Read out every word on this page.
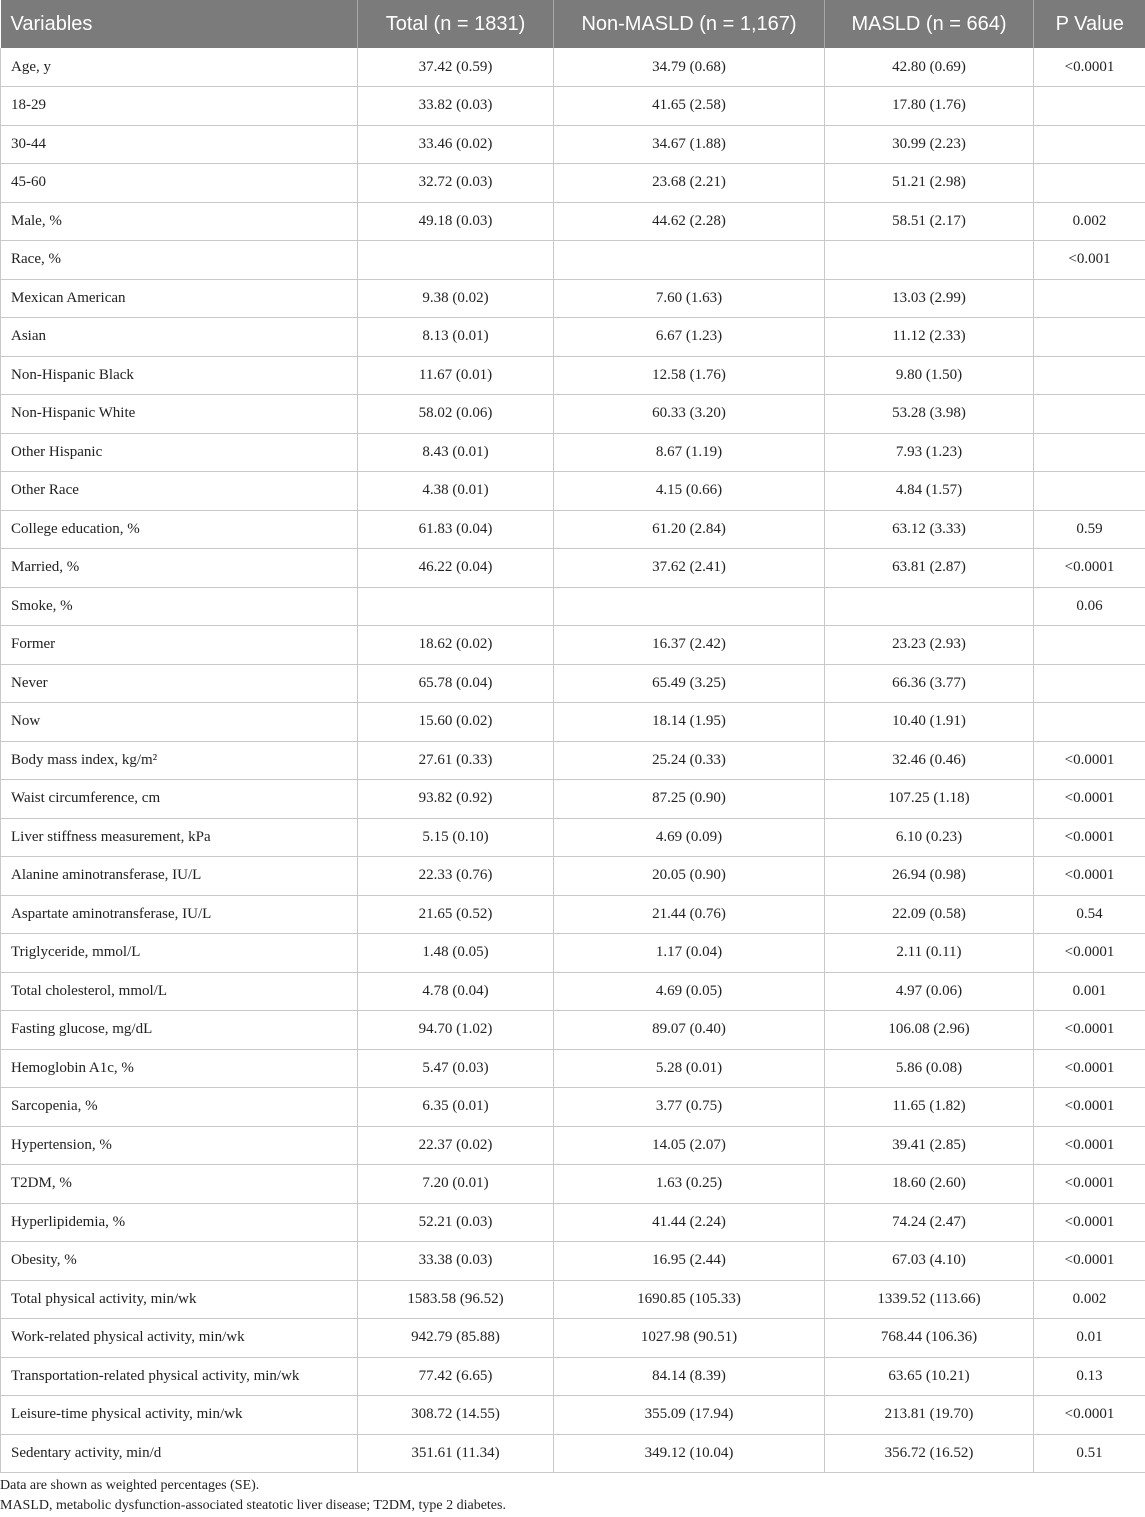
Variables	Total (n = 1831)	Non-MASLD (n = 1,167)	MASLD (n = 664)	P Value
Age, y	37.42 (0.59)	34.79 (0.68)	42.80 (0.69)	<0.0001
18-29	33.82 (0.03)	41.65 (2.58)	17.80 (1.76)	
30-44	33.46 (0.02)	34.67 (1.88)	30.99 (2.23)	
45-60	32.72 (0.03)	23.68 (2.21)	51.21 (2.98)	
Male, %	49.18 (0.03)	44.62 (2.28)	58.51 (2.17)	0.002
Race, %				<0.001
Mexican American	9.38 (0.02)	7.60 (1.63)	13.03 (2.99)	
Asian	8.13 (0.01)	6.67 (1.23)	11.12 (2.33)	
Non-Hispanic Black	11.67 (0.01)	12.58 (1.76)	9.80 (1.50)	
Non-Hispanic White	58.02 (0.06)	60.33 (3.20)	53.28 (3.98)	
Other Hispanic	8.43 (0.01)	8.67 (1.19)	7.93 (1.23)	
Other Race	4.38 (0.01)	4.15 (0.66)	4.84 (1.57)	
College education, %	61.83 (0.04)	61.20 (2.84)	63.12 (3.33)	0.59
Married, %	46.22 (0.04)	37.62 (2.41)	63.81 (2.87)	<0.0001
Smoke, %				0.06
Former	18.62 (0.02)	16.37 (2.42)	23.23 (2.93)	
Never	65.78 (0.04)	65.49 (3.25)	66.36 (3.77)	
Now	15.60 (0.02)	18.14 (1.95)	10.40 (1.91)	
Body mass index, kg/m²	27.61 (0.33)	25.24 (0.33)	32.46 (0.46)	<0.0001
Waist circumference, cm	93.82 (0.92)	87.25 (0.90)	107.25 (1.18)	<0.0001
Liver stiffness measurement, kPa	5.15 (0.10)	4.69 (0.09)	6.10 (0.23)	<0.0001
Alanine aminotransferase, IU/L	22.33 (0.76)	20.05 (0.90)	26.94 (0.98)	<0.0001
Aspartate aminotransferase, IU/L	21.65 (0.52)	21.44 (0.76)	22.09 (0.58)	0.54
Triglyceride, mmol/L	1.48 (0.05)	1.17 (0.04)	2.11 (0.11)	<0.0001
Total cholesterol, mmol/L	4.78 (0.04)	4.69 (0.05)	4.97 (0.06)	0.001
Fasting glucose, mg/dL	94.70 (1.02)	89.07 (0.40)	106.08 (2.96)	<0.0001
Hemoglobin A1c, %	5.47 (0.03)	5.28 (0.01)	5.86 (0.08)	<0.0001
Sarcopenia, %	6.35 (0.01)	3.77 (0.75)	11.65 (1.82)	<0.0001
Hypertension, %	22.37 (0.02)	14.05 (2.07)	39.41 (2.85)	<0.0001
T2DM, %	7.20 (0.01)	1.63 (0.25)	18.60 (2.60)	<0.0001
Hyperlipidemia, %	52.21 (0.03)	41.44 (2.24)	74.24 (2.47)	<0.0001
Obesity, %	33.38 (0.03)	16.95 (2.44)	67.03 (4.10)	<0.0001
Total physical activity, min/wk	1583.58 (96.52)	1690.85 (105.33)	1339.52 (113.66)	0.002
Work-related physical activity, min/wk	942.79 (85.88)	1027.98 (90.51)	768.44 (106.36)	0.01
Transportation-related physical activity, min/wk	77.42 (6.65)	84.14 (8.39)	63.65 (10.21)	0.13
Leisure-time physical activity, min/wk	308.72 (14.55)	355.09 (17.94)	213.81 (19.70)	<0.0001
Sedentary activity, min/d	351.61 (11.34)	349.12 (10.04)	356.72 (16.52)	0.51

Data are shown as weighted percentages (SE).

MASLD, metabolic dysfunction-associated steatotic liver disease; T2DM, type 2 diabetes.
